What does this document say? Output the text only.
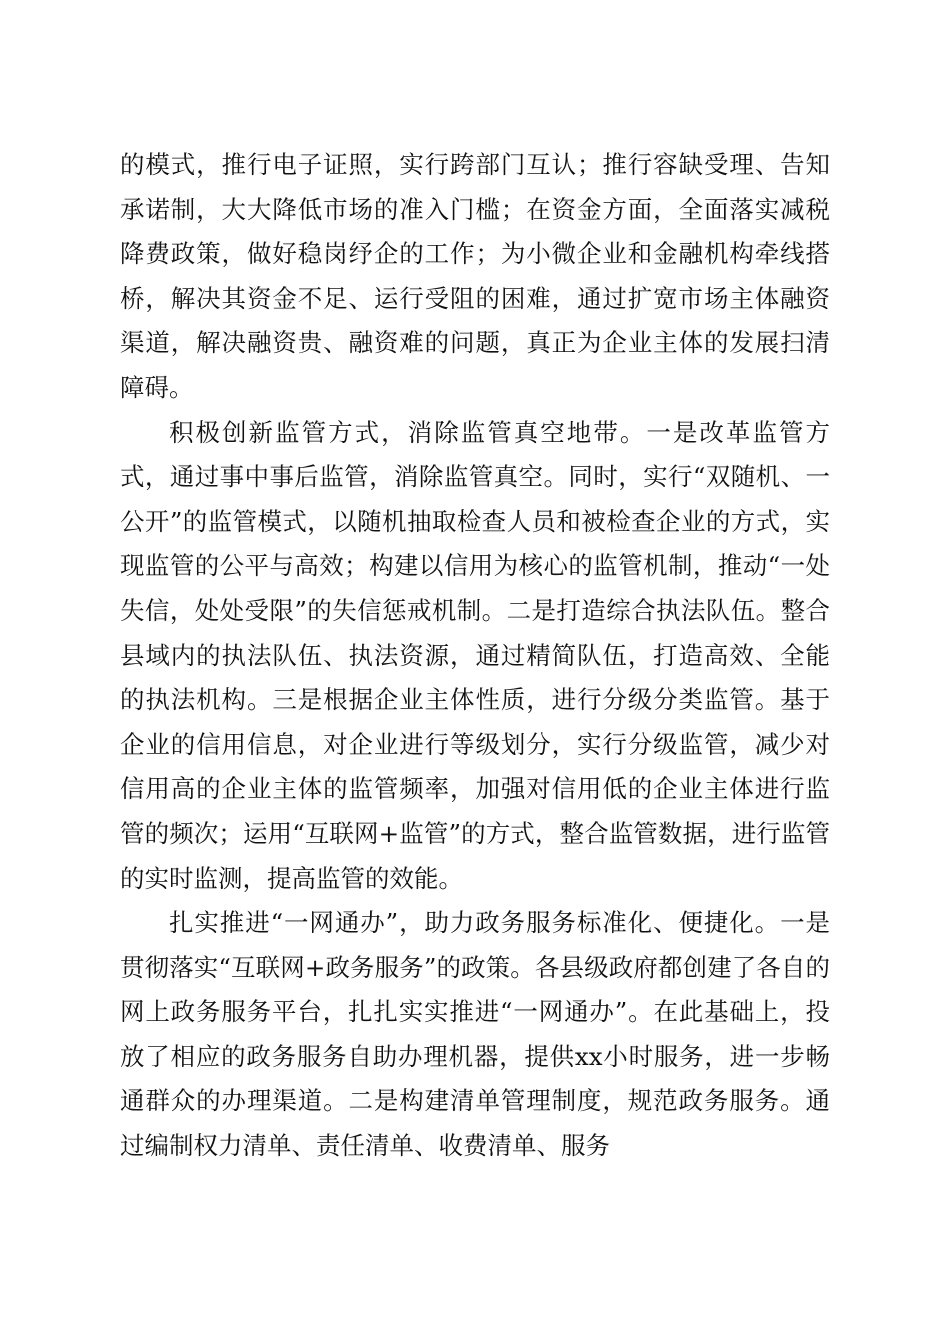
的模式，推行电子证照，实行跨部门互认；推行容缺受理、告知承诺制，大大降低市场的准入门槛；在资金方面，全面落实减税降费政策，做好稳岗纾企的工作；为小微企业和金融机构牵线搭桥，解决其资金不足、运行受阻的困难，通过扩宽市场主体融资渠道，解决融资贵、融资难的问题，真正为企业主体的发展扫清障碍。

积极创新监管方式，消除监管真空地带。一是改革监管方式，通过事中事后监管，消除监管真空。同时，实行“双随机、一公开”的监管模式，以随机抽取检查人员和被检查企业的方式，实现监管的公平与高效；构建以信用为核心的监管机制，推动“一处失信，处处受限”的失信惩戒机制。二是打造综合执法队伍。整合县域内的执法队伍、执法资源，通过精简队伍，打造高效、全能的执法机构。三是根据企业主体性质，进行分级分类监管。基于企业的信用信息，对企业进行等级划分，实行分级监管，减少对信用高的企业主体的监管频率，加强对信用低的企业主体进行监管的频次；运用“互联网+监管”的方式，整合监管数据，进行监管的实时监测，提高监管的效能。

扎实推进“一网通办”，助力政务服务标准化、便捷化。一是贯彻落实“互联网+政务服务”的政策。各县级政府都创建了各自的网上政务服务平台，扎扎实实推进“一网通办”。在此基础上，投放了相应的政务服务自助办理机器，提供xx小时服务，进一步畅通群众的办理渠道。二是构建清单管理制度，规范政务服务。通过编制权力清单、责任清单、收费清单、服务
